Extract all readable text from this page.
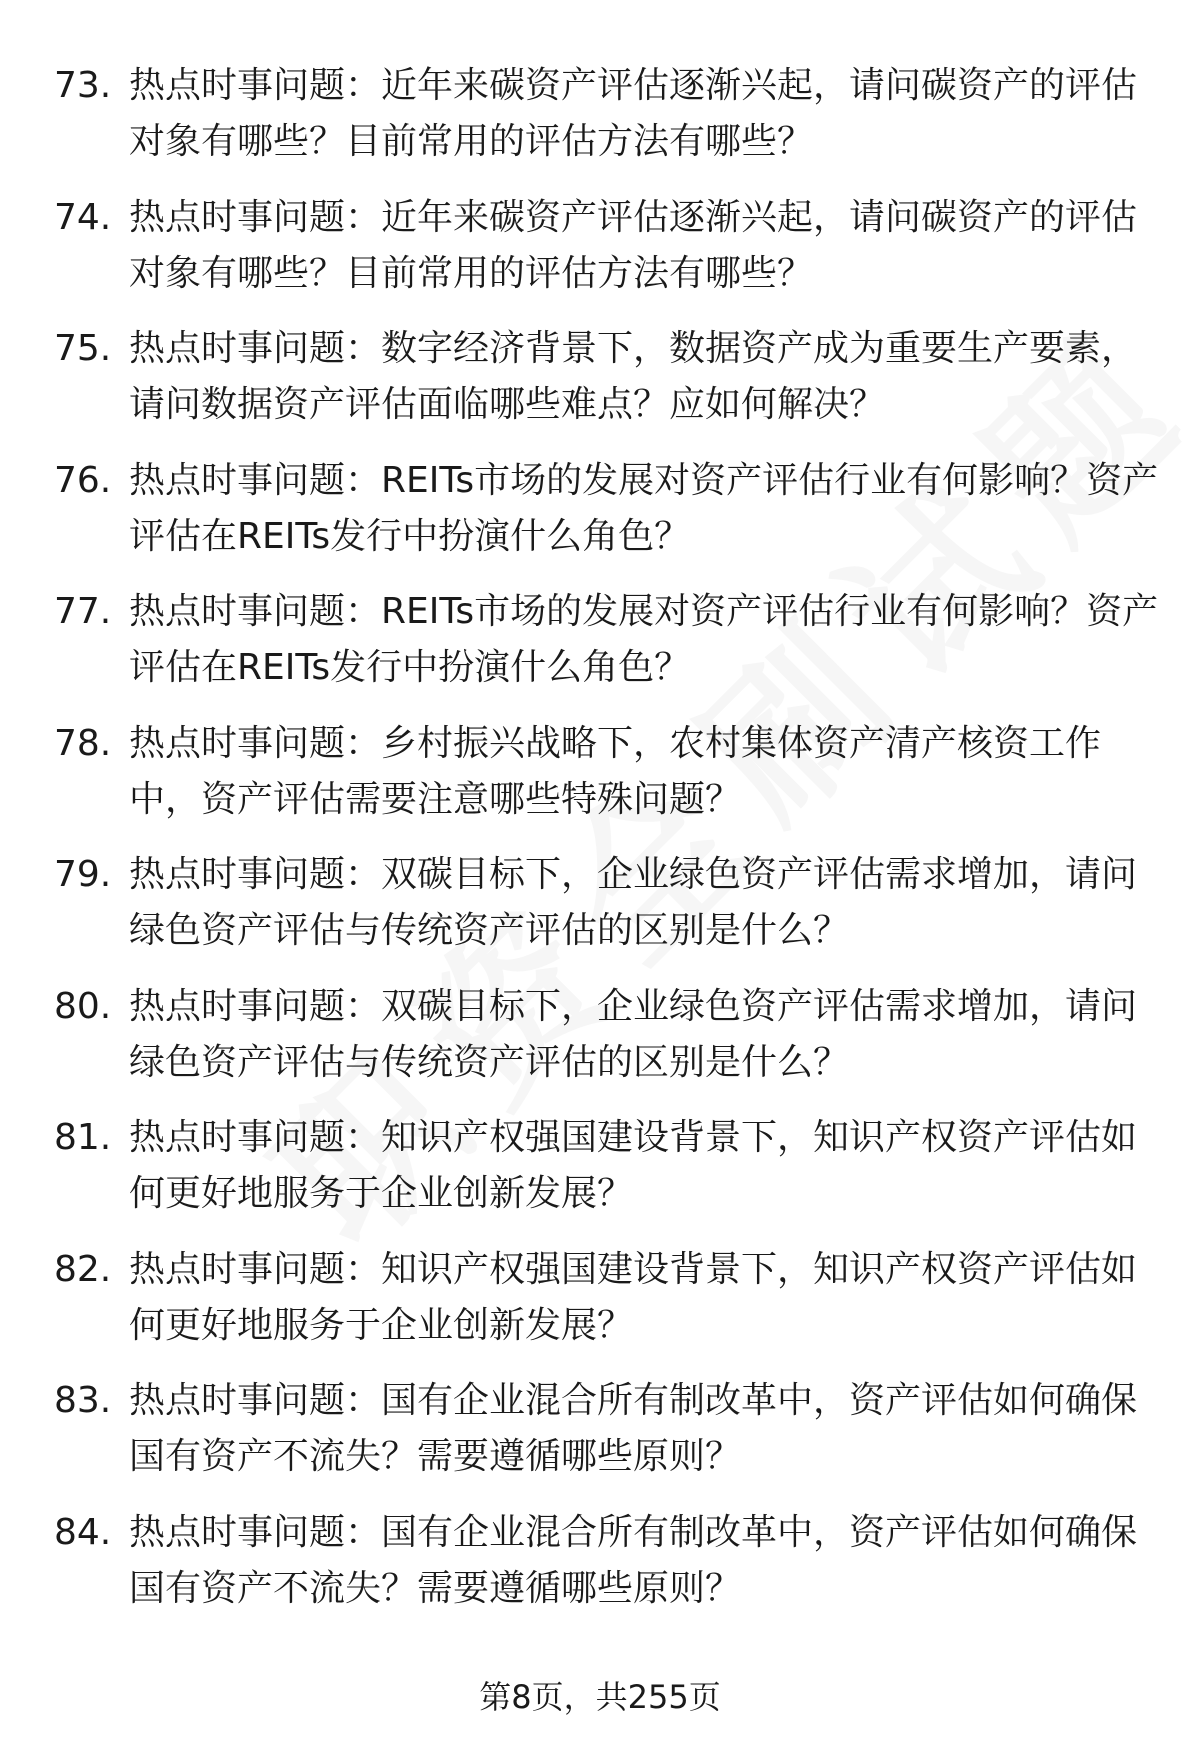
73. 热点时事问题：近年来碳资产评估逐渐兴起，请问碳资产的评估对象有哪些？目前常用的评估方法有哪些？
74. 热点时事问题：近年来碳资产评估逐渐兴起，请问碳资产的评估对象有哪些？目前常用的评估方法有哪些？
75. 热点时事问题：数字经济背景下，数据资产成为重要生产要素，请问数据资产评估面临哪些难点？应如何解决？
76. 热点时事问题：REITs市场的发展对资产评估行业有何影响？资产评估在REITs发行中扮演什么角色？
77. 热点时事问题：REITs市场的发展对资产评估行业有何影响？资产评估在REITs发行中扮演什么角色？
78. 热点时事问题：乡村振兴战略下，农村集体资产清产核资工作中，资产评估需要注意哪些特殊问题？
79. 热点时事问题：双碳目标下，企业绿色资产评估需求增加，请问绿色资产评估与传统资产评估的区别是什么？
80. 热点时事问题：双碳目标下，企业绿色资产评估需求增加，请问绿色资产评估与传统资产评估的区别是什么？
81. 热点时事问题：知识产权强国建设背景下，知识产权资产评估如何更好地服务于企业创新发展？
82. 热点时事问题：知识产权强国建设背景下，知识产权资产评估如何更好地服务于企业创新发展？
83. 热点时事问题：国有企业混合所有制改革中，资产评估如何确保国有资产不流失？需要遵循哪些原则？
84. 热点时事问题：国有企业混合所有制改革中，资产评估如何确保国有资产不流失？需要遵循哪些原则？
第8页，共255页
